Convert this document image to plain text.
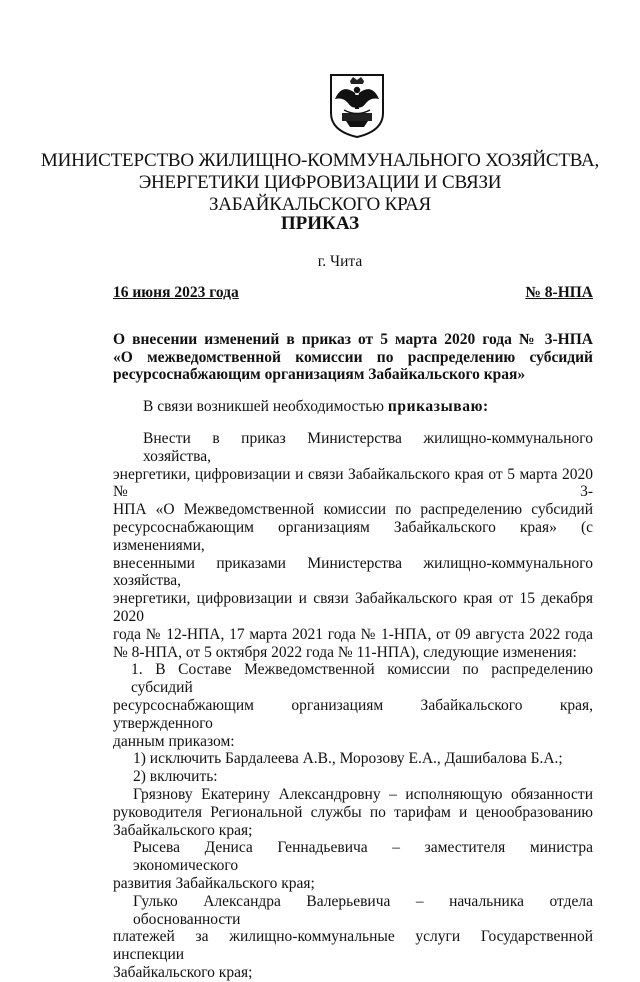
МИНИСТЕРСТВО ЖИЛИЩНО-КОММУНАЛЬНОГО ХОЗЯЙСТВА,
ЭНЕРГЕТИКИ ЦИФРОВИЗАЦИИ И СВЯЗИ
ЗАБАЙКАЛЬСКОГО КРАЯ
ПРИКАЗ
г. Чита
16 июня 2023 года	№ 8-НПА
О внесении изменений в приказ от 5 марта 2020 года № 3-НПА
«О межведомственной комиссии по распределению субсидий
ресурсоснабжающим организациям Забайкальского края»
В связи возникшей необходимостью приказываю:
Внести в приказ Министерства жилищно-коммунального хозяйства,
энергетики, цифровизации и связи Забайкальского края от 5 марта 2020 № 3-
НПА «О Межведомственной комиссии по распределению субсидий
ресурсоснабжающим организациям Забайкальского края» (с изменениями,
внесенными приказами Министерства жилищно-коммунального хозяйства,
энергетики, цифровизации и связи Забайкальского края от 15 декабря 2020
года № 12-НПА, 17 марта 2021 года № 1-НПА, от 09 августа 2022 года
№ 8-НПА, от 5 октября 2022 года № 11-НПА), следующие изменения:
1. В Составе Межведомственной комиссии по распределению субсидий
ресурсоснабжающим организациям Забайкальского края, утвержденного
данным приказом:
1) исключить Бардалеева А.В., Морозову Е.А., Дашибалова Б.А.;
2) включить:
Грязнову Екатерину Александровну – исполняющую обязанности
руководителя Региональной службы по тарифам и ценообразованию
Забайкальского края;
Рысева Дениса Геннадьевича – заместителя министра экономического
развития Забайкальского края;
Гулько Александра Валерьевича – начальника отдела обоснованности
платежей за жилищно-коммунальные услуги Государственной инспекции
Забайкальского края;
